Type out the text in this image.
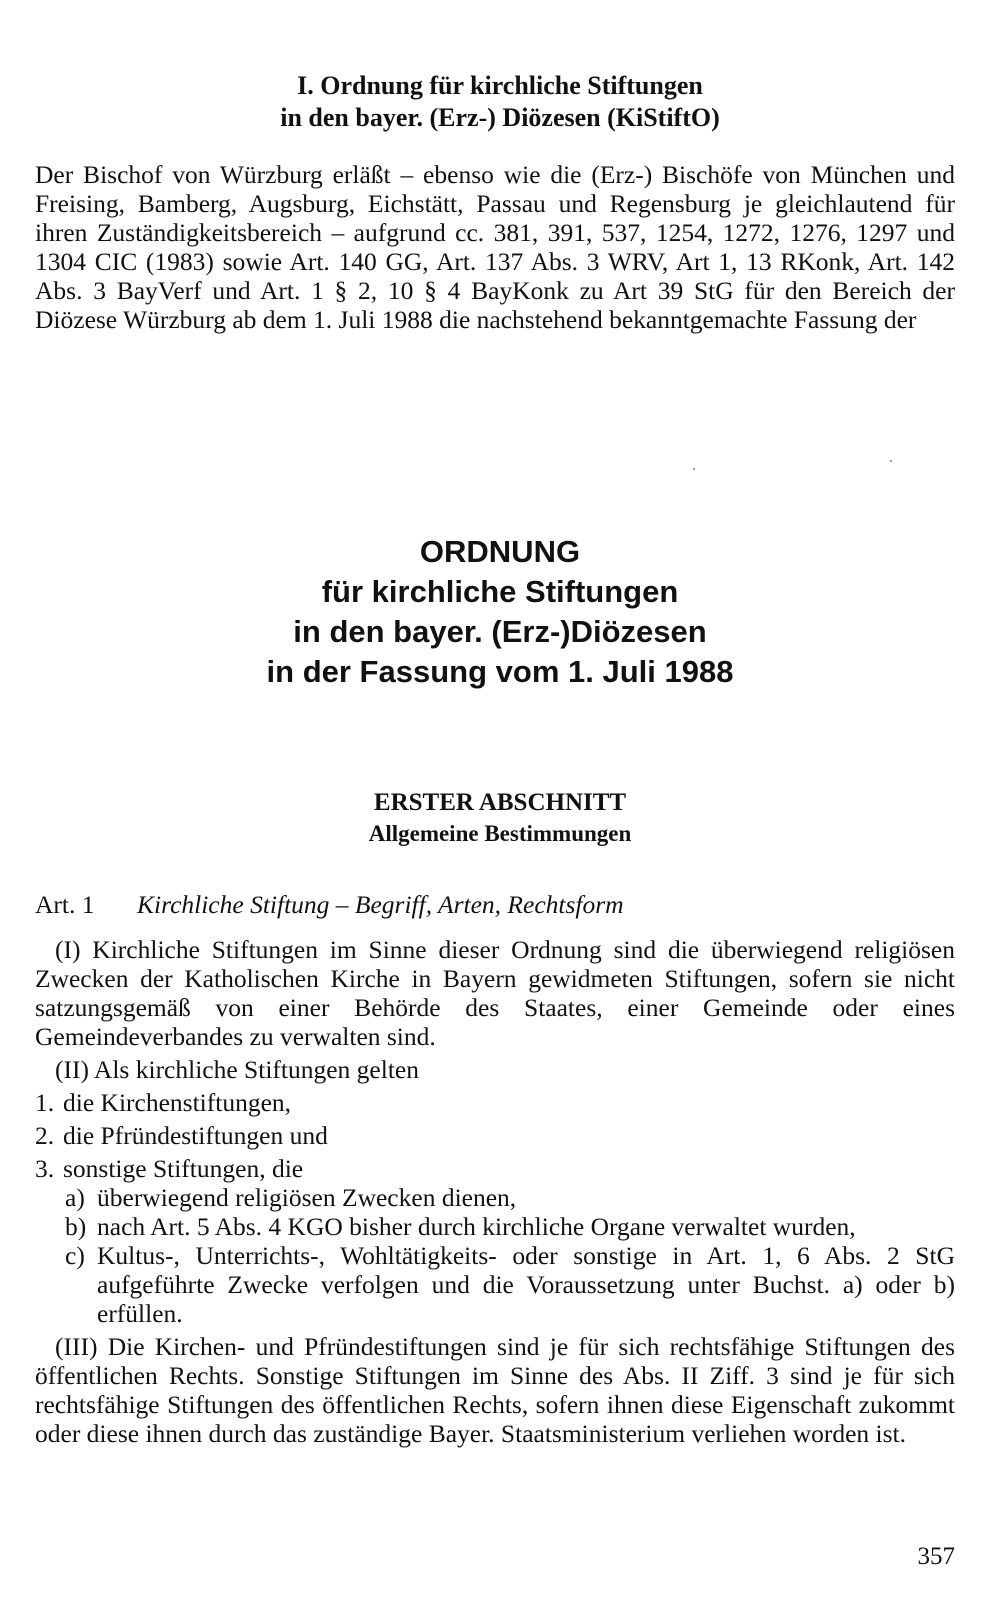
I. Ordnung für kirchliche Stiftungen
in den bayer. (Erz-) Diözesen (KiStiftO)
Der Bischof von Würzburg erläßt – ebenso wie die (Erz-) Bischöfe von München und Freising, Bamberg, Augsburg, Eichstätt, Passau und Regensburg je gleichlautend für ihren Zuständigkeitsbereich – aufgrund cc. 381, 391, 537, 1254, 1272, 1276, 1297 und 1304 CIC (1983) sowie Art. 140 GG, Art. 137 Abs. 3 WRV, Art 1, 13 RKonk, Art. 142 Abs. 3 BayVerf und Art. 1 § 2, 10 § 4 BayKonk zu Art 39 StG für den Bereich der Diözese Würzburg ab dem 1. Juli 1988 die nachstehend bekanntgemachte Fassung der
ORDNUNG
für kirchliche Stiftungen
in den bayer. (Erz-)Diözesen
in der Fassung vom 1. Juli 1988
ERSTER ABSCHNITT
Allgemeine Bestimmungen
Art. 1 Kirchliche Stiftung – Begriff, Arten, Rechtsform

(I) Kirchliche Stiftungen im Sinne dieser Ordnung sind die überwiegend religiösen Zwecken der Katholischen Kirche in Bayern gewidmeten Stiftungen, sofern sie nicht satzungsgemäß von einer Behörde des Staates, einer Gemeinde oder eines Gemeindeverbandes zu verwalten sind.

(II) Als kirchliche Stiftungen gelten

1. die Kirchenstiftungen,
2. die Pfründestiftungen und
3. sonstige Stiftungen, die
a) überwiegend religiösen Zwecken dienen,
b) nach Art. 5 Abs. 4 KGO bisher durch kirchliche Organe verwaltet wurden,
c) Kultus-, Unterrichts-, Wohltätigkeits- oder sonstige in Art. 1, 6 Abs. 2 StG aufgeführte Zwecke verfolgen und die Voraussetzung unter Buchst. a) oder b) erfüllen.

(III) Die Kirchen- und Pfründestiftungen sind je für sich rechtsfähige Stiftungen des öffentlichen Rechts. Sonstige Stiftungen im Sinne des Abs. II Ziff. 3 sind je für sich rechtsfähige Stiftungen des öffentlichen Rechts, sofern ihnen diese Eigenschaft zukommt oder diese ihnen durch das zuständige Bayer. Staatsministerium verliehen worden ist.

357
